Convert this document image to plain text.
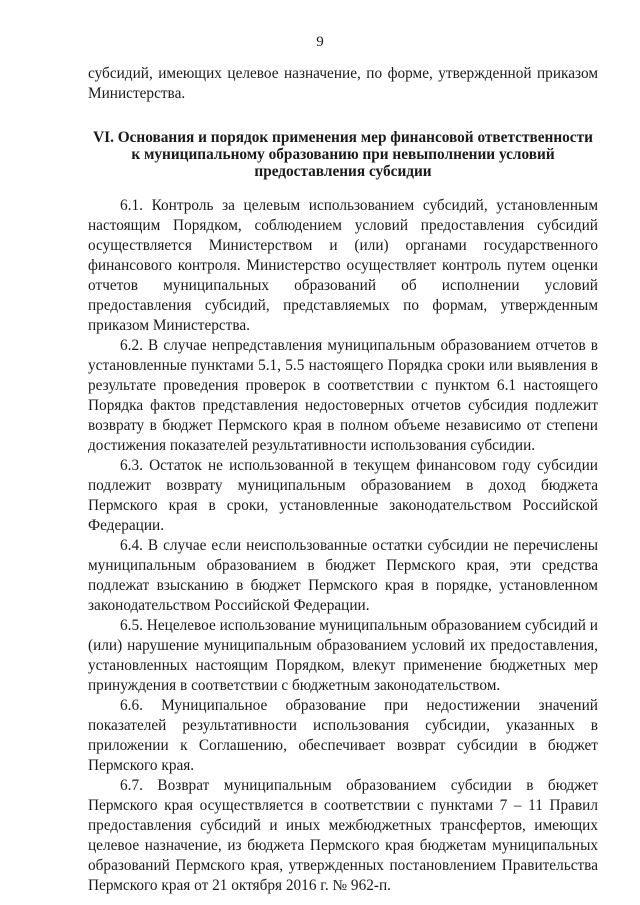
9

субсидий, имеющих целевое назначение, по форме, утвержденной приказом Министерства.

VI. Основания и порядок применения мер финансовой ответственности к муниципальному образованию при невыполнении условий предоставления субсидии

6.1. Контроль за целевым использованием субсидий, установленным настоящим Порядком, соблюдением условий предоставления субсидий осуществляется Министерством и (или) органами государственного финансового контроля. Министерство осуществляет контроль путем оценки отчетов муниципальных образований об исполнении условий предоставления субсидий, представляемых по формам, утвержденным приказом Министерства.

6.2. В случае непредставления муниципальным образованием отчетов в установленные пунктами 5.1, 5.5 настоящего Порядка сроки или выявления в результате проведения проверок в соответствии с пунктом 6.1 настоящего Порядка фактов представления недостоверных отчетов субсидия подлежит возврату в бюджет Пермского края в полном объеме независимо от степени достижения показателей результативности использования субсидии.

6.3. Остаток не использованной в текущем финансовом году субсидии подлежит возврату муниципальным образованием в доход бюджета Пермского края в сроки, установленные законодательством Российской Федерации.

6.4. В случае если неиспользованные остатки субсидии не перечислены муниципальным образованием в бюджет Пермского края, эти средства подлежат взысканию в бюджет Пермского края в порядке, установленном законодательством Российской Федерации.

6.5. Нецелевое использование муниципальным образованием субсидий и (или) нарушение муниципальным образованием условий их предоставления, установленных настоящим Порядком, влекут применение бюджетных мер принуждения в соответствии с бюджетным законодательством.

6.6. Муниципальное образование при недостижении значений показателей результативности использования субсидии, указанных в приложении к Соглашению, обеспечивает возврат субсидии в бюджет Пермского края.

6.7. Возврат муниципальным образованием субсидии в бюджет Пермского края осуществляется в соответствии с пунктами 7 – 11 Правил предоставления субсидий и иных межбюджетных трансфертов, имеющих целевое назначение, из бюджета Пермского края бюджетам муниципальных образований Пермского края, утвержденных постановлением Правительства Пермского края от 21 октября 2016 г. № 962-п.
